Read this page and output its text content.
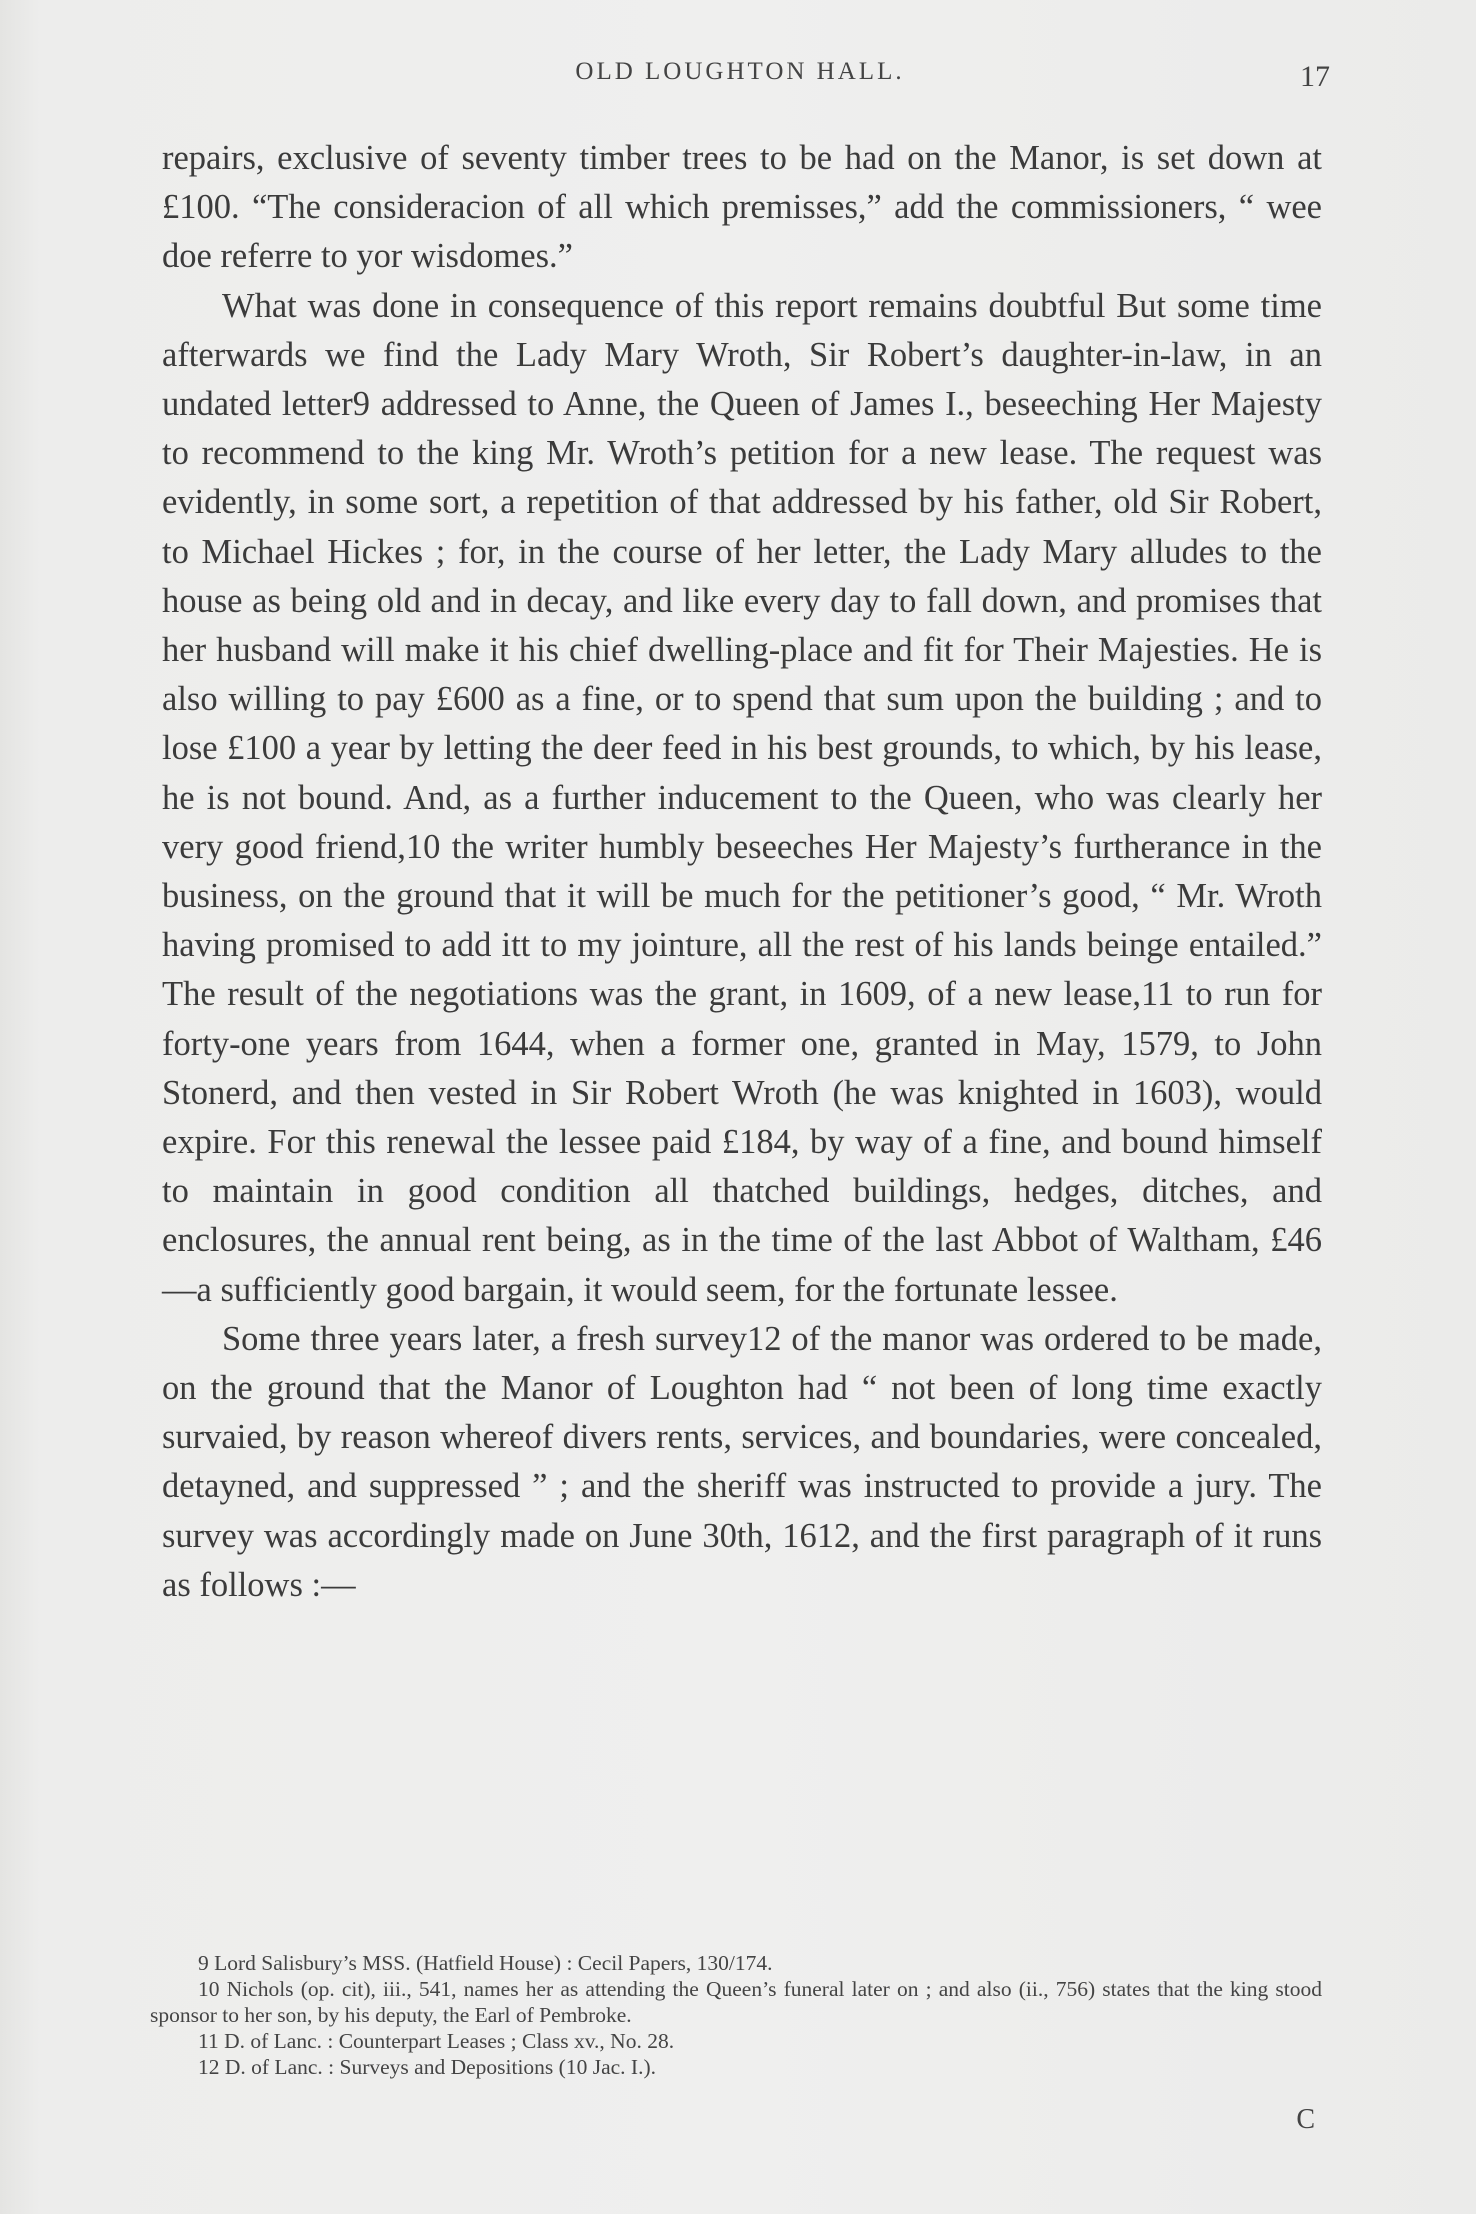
OLD LOUGHTON HALL.	17

repairs, exclusive of seventy timber trees to be had on the Manor, is set down at £100. “The consideracion of all which premisses,” add the commissioners, “ wee doe referre to yor wisdomes.”

What was done in consequence of this report remains doubtful But some time afterwards we find the Lady Mary Wroth, Sir Robert’s daughter-in-law, in an undated letter9 addressed to Anne, the Queen of James I., beseeching Her Majesty to recommend to the king Mr. Wroth’s petition for a new lease. The request was evidently, in some sort, a repetition of that addressed by his father, old Sir Robert, to Michael Hickes ; for, in the course of her letter, the Lady Mary alludes to the house as being old and in decay, and like every day to fall down, and promises that her husband will make it his chief dwelling-place and fit for Their Majesties. He is also willing to pay £600 as a fine, or to spend that sum upon the building ; and to lose £100 a year by letting the deer feed in his best grounds, to which, by his lease, he is not bound. And, as a further inducement to the Queen, who was clearly her very good friend,10 the writer humbly beseeches Her Majesty’s furtherance in the business, on the ground that it will be much for the petitioner’s good, “ Mr. Wroth having promised to add itt to my jointure, all the rest of his lands beinge entailed.” The result of the negotiations was the grant, in 1609, of a new lease,11 to run for forty-one years from 1644, when a former one, granted in May, 1579, to John Stonerd, and then vested in Sir Robert Wroth (he was knighted in 1603), would expire. For this renewal the lessee paid £184, by way of a fine, and bound himself to maintain in good condition all thatched buildings, hedges, ditches, and enclosures, the annual rent being, as in the time of the last Abbot of Waltham, £46—a sufficiently good bargain, it would seem, for the fortunate lessee.

Some three years later, a fresh survey12 of the manor was ordered to be made, on the ground that the Manor of Loughton had “ not been of long time exactly survaied, by reason whereof divers rents, services, and boundaries, were concealed, detayned, and suppressed ” ; and the sheriff was instructed to provide a jury. The survey was accordingly made on June 30th, 1612, and the first paragraph of it runs as follows :—

9 Lord Salisbury’s MSS. (Hatfield House) : Cecil Papers, 130/174.

10 Nichols (op. cit), iii., 541, names her as attending the Queen’s funeral later on ; and also (ii., 756) states that the king stood sponsor to her son, by his deputy, the Earl of Pembroke.

11 D. of Lanc. : Counterpart Leases ; Class xv., No. 28.

12 D. of Lanc. : Surveys and Depositions (10 Jac. I.).

C
